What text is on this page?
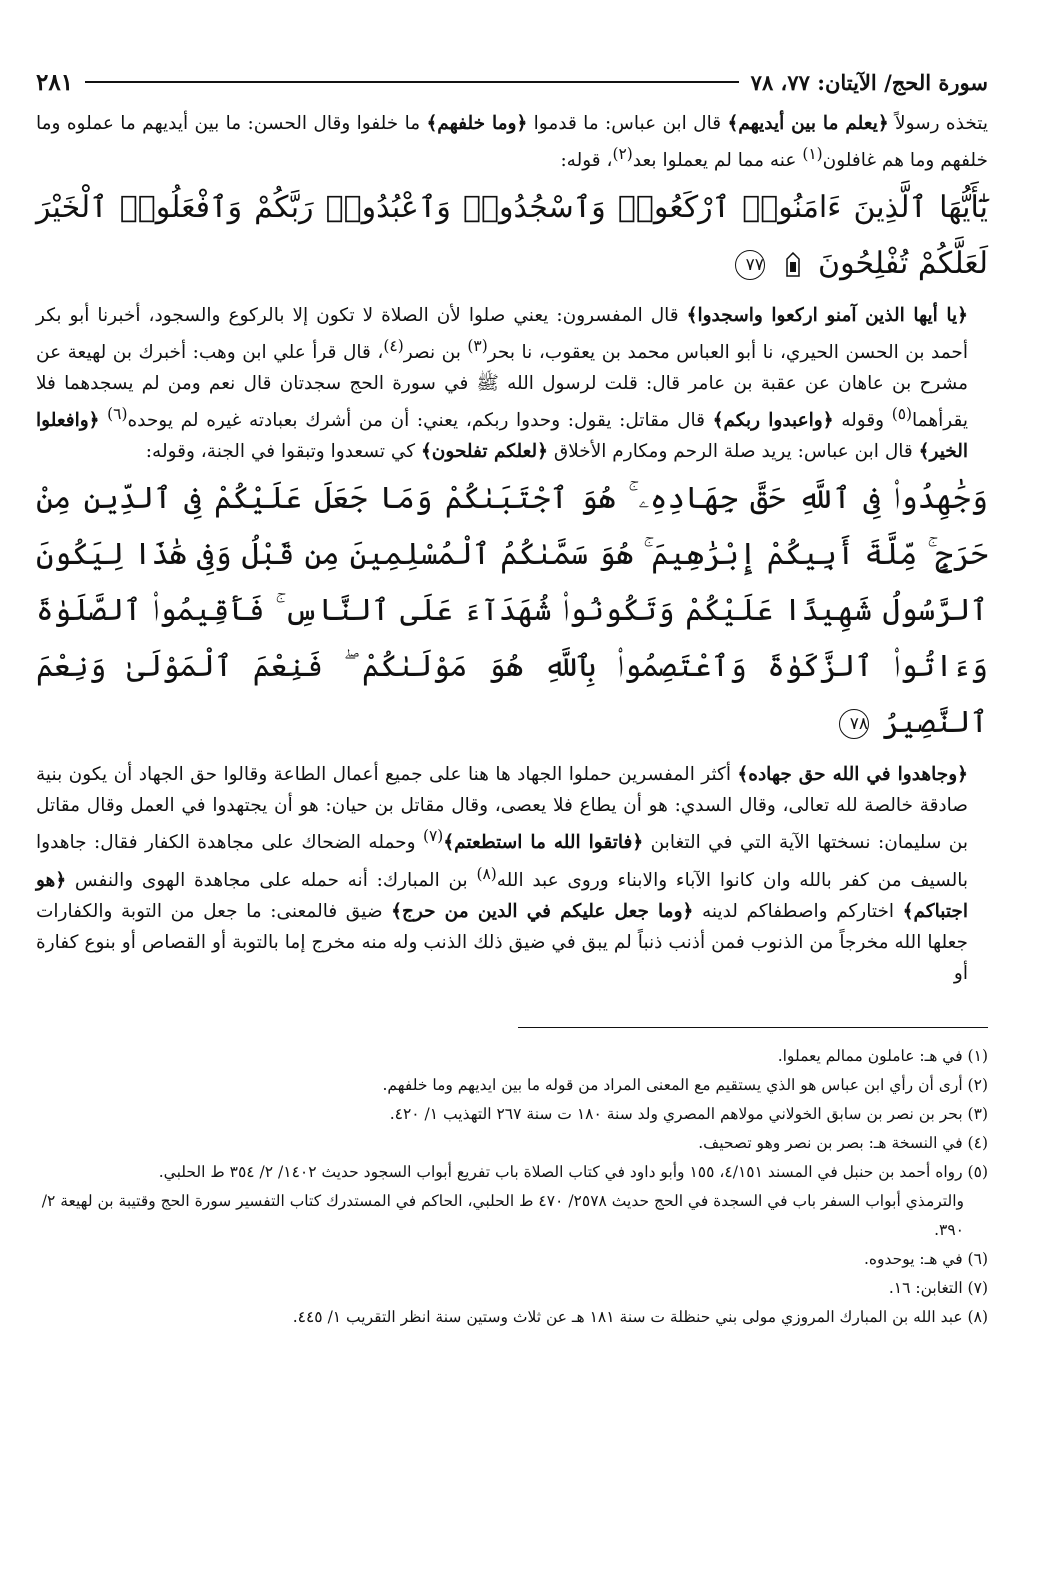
سورة الحج/ الآيتان: ٧٧، ٧٨
٢٨١

يتخذه رسولاً ﴿يعلم ما بين أيديهم﴾ قال ابن عباس: ما قدموا ﴿وما خلفهم﴾ ما خلفوا وقال الحسن: ما بين أيديهم ما عملوه وما خلفهم وما هم غافلون$^{(١)}$ عنه مما لم يعملوا بعد$^{(٢)}$، قوله:

يَٰٓأَيُّهَا ٱلَّذِينَ ءَامَنُوا۟ ٱرْكَعُوا۟ وَٱسْجُدُوا۟ وَٱعْبُدُوا۟ رَبَّكُمْ وَٱفْعَلُوا۟ ٱلْخَيْرَ لَعَلَّكُمْ تُفْلِحُونَ  ٧٧

﴿يا أيها الذين آمنو اركعوا واسجدوا﴾ قال المفسرون: يعني صلوا لأن الصلاة لا تكون إلا بالركوع والسجود، أخبرنا أبو بكر أحمد بن الحسن الحيري، نا أبو العباس محمد بن يعقوب، نا بحر$^{(٣)}$ بن نصر$^{(٤)}$، قال قرأ علي ابن وهب: أخبرك بن لهيعة عن مشرح بن عاهان عن عقبة بن عامر قال: قلت لرسول الله ﷺ في سورة الحج سجدتان قال نعم ومن لم يسجدهما فلا يقرأهما$^{(٥)}$ وقوله ﴿واعبدوا ربكم﴾ قال مقاتل: يقول: وحدوا ربكم، يعني: أن من أشرك بعبادته غيره لم يوحده$^{(٦)}$ ﴿وافعلوا الخير﴾ قال ابن عباس: يريد صلة الرحم ومكارم الأخلاق ﴿لعلكم تفلحون﴾ كي تسعدوا وتبقوا في الجنة، وقوله:

وَجَٰهِدُوا۟ فِى ٱللَّهِ حَقَّ جِهَادِهِۦ ۚ هُوَ ٱجْتَبَىٰكُمْ وَمَا جَعَلَ عَلَيْكُمْ فِى ٱلدِّينِ مِنْ حَرَجٍ ۚ مِّلَّةَ أَبِيكُمْ إِبْرَٰهِيمَ ۚ هُوَ سَمَّىٰكُمُ ٱلْمُسْلِمِينَ مِن قَبْلُ وَفِى هَٰذَا لِيَكُونَ ٱلرَّسُولُ شَهِيدًا عَلَيْكُمْ وَتَكُونُوا۟ شُهَدَآءَ عَلَى ٱلنَّاسِ ۚ فَأَقِيمُوا۟ ٱلصَّلَوٰةَ وَءَاتُوا۟ ٱلزَّكَوٰةَ وَٱعْتَصِمُوا۟ بِٱللَّهِ هُوَ مَوْلَىٰكُمْ ۖ فَنِعْمَ ٱلْمَوْلَىٰ وَنِعْمَ ٱلنَّصِيرُ ٧٨

﴿وجاهدوا في الله حق جهاده﴾ أكثر المفسرين حملوا الجهاد ها هنا على جميع أعمال الطاعة وقالوا حق الجهاد أن يكون بنية صادقة خالصة لله تعالى، وقال السدي: هو أن يطاع فلا يعصى، وقال مقاتل بن حيان: هو أن يجتهدوا في العمل وقال مقاتل بن سليمان: نسختها الآية التي في التغابن ﴿فاتقوا الله ما استطعتم﴾$^{(٧)}$ وحمله الضحاك على مجاهدة الكفار فقال: جاهدوا بالسيف من كفر بالله وان كانوا الآباء والابناء وروى عبد الله$^{(٨)}$ بن المبارك: أنه حمله على مجاهدة الهوى والنفس ﴿هو اجتباكم﴾ اختاركم واصطفاكم لدينه ﴿وما جعل عليكم في الدين من حرج﴾ ضيق فالمعنى: ما جعل من التوبة والكفارات جعلها الله مخرجاً من الذنوب فمن أذنب ذنباً لم يبق في ضيق ذلك الذنب وله منه مخرج إما بالتوبة أو القصاص أو بنوع كفارة أو

(١) في هـ: عاملون ممالم يعملوا.

(٢) أرى أن رأي ابن عباس هو الذي يستقيم مع المعنى المراد من قوله ما بين ايديهم وما خلفهم.

(٣) بحر بن نصر بن سابق الخولاني مولاهم المصري ولد سنة ١٨٠ ت سنة ٢٦٧ التهذيب ١/ ٤٢٠.

(٤) في النسخة هـ: بصر بن نصر وهو تصحيف.

(٥) رواه أحمد بن حنبل في المسند ٤/١٥١، ١٥٥ وأبو داود في كتاب الصلاة باب تفريع أبواب السجود حديث ١٤٠٢/ ٢/ ٣٥٤ ط الحلبي.

والترمذي أبواب السفر باب في السجدة في الحج حديث ٢٥٧٨/ ٤٧٠ ط الحلبي، الحاكم في المستدرك كتاب التفسير سورة الحج وقتيبة بن لهيعة ٢/ ٣٩٠.

(٦) في هـ: يوحدوه.

(٧) التغابن: ١٦.

(٨) عبد الله بن المبارك المروزي مولى بني حنظلة ت سنة ١٨١ هـ عن ثلاث وستين سنة انظر التقريب ١/ ٤٤٥.
